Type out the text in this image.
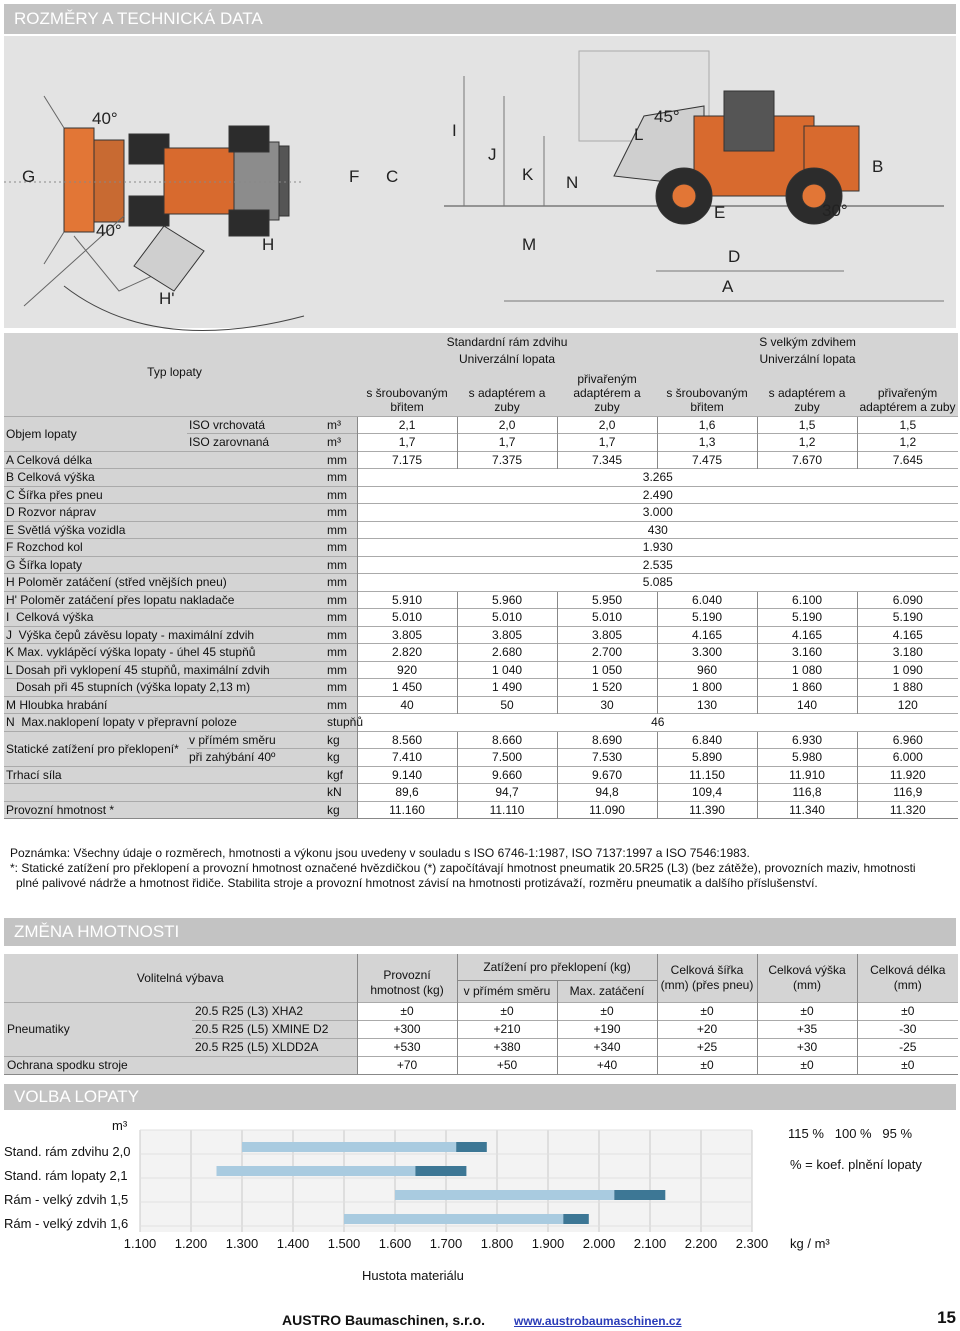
ROZMĚRY A TECHNICKÁ DATA
40°
40°
G	F C
H
H'
I
J
K
L
45°
M
N
E
D
A
B
30°
Typ lopaty			Standardní rám zdvihu			S velkým zdvihem		
			Univerzální lopata			Univerzální lopata		
			s šroubovaným břitem	s adaptérem a zuby	přivařeným adaptérem a zuby	s šroubovaným břitem	s adaptérem a zuby	přivařeným adaptérem a zuby
Objem lopaty	ISO vrchovatá	m³	2,1	2,0	2,0	1,6	1,5	1,5
	ISO zarovnaná	m³	1,7	1,7	1,7	1,3	1,2	1,2
A Celková délka		mm	7.175	7.375	7.345	7.475	7.670	7.645
B Celková výška		mm	3.265					
C Šířka přes pneu		mm	2.490					
D Rozvor náprav		mm	3.000					
E Světlá výška vozidla		mm	430					
F Rozchod kol		mm	1.930					
G Šířka lopaty		mm	2.535					
H Poloměr zatáčení (střed vnějších pneu)		mm	5.085					
H' Poloměr zatáčení přes lopatu nakladače		mm	5.910	5.960	5.950	6.040	6.100	6.090
I  Celková výška		mm	5.010	5.010	5.010	5.190	5.190	5.190
J  Výška čepů závěsu lopaty - maximální zdvih		mm	3.805	3.805	3.805	4.165	4.165	4.165
K Max. vyklápěcí výška lopaty - úhel 45 stupňů		mm	2.820	2.680	2.700	3.300	3.160	3.180
L Dosah při vyklopení 45 stupňů, maximální zdvih		mm	920	1 040	1 050	960	1 080	1 090
Dosah při 45 stupních (výška lopaty 2,13 m)		mm	1 450	1 490	1 520	1 800	1 860	1 880
M Hloubka hrabání		mm	40	50	30	130	140	120
N  Max.naklopení lopaty v přepravní poloze		stupňů	46					
Statické zatížení pro překlopení*	v přímém směru	kg	8.560	8.660	8.690	6.840	6.930	6.960
	při zahýbání 40º	kg	7.410	7.500	7.530	5.890	5.980	6.000
Trhací síla		kgf	9.140	9.660	9.670	11.150	11.910	11.920
		kN	89,6	94,7	94,8	109,4	116,8	116,9
Provozní hmotnost *		kg	11.160	11.110	11.090	11.390	11.340	11.320

Poznámka: Všechny údaje o rozměrech, hmotnosti a výkonu jsou uvedeny v souladu s ISO 6746-1:1987, ISO 7137:1997 a ISO 7546:1983.

*: Statické zatížení pro překlopení a provozní hmotnost označené hvězdičkou (*) započítávají hmotnost pneumatik 20.5R25 (L3) (bez zátěže), provozních maziv, hmotnosti

plné palivové nádrže a hmotnost řidiče. Stabilita stroje a provozní hmotnost závisí na hmotnosti protizávaží, rozměru pneumatik a dalšího příslušenství.

ZMĚNA HMOTNOSTI
Volitelná výbava		Provozní hmotnost (kg)	Zatížení pro překlopení (kg)		Celková šířka (mm) (přes pneu)	Celková výška (mm)	Celková délka (mm)
			v přímém směru	Max. zatáčení			
Pneumatiky	20.5 R25 (L3) XHA2	±0	±0	±0	±0	±0	±0
	20.5 R25 (L5) XMINE D2	+300	+210	+190	+20	+35	-30
	20.5 R25 (L5) XLDD2A	+530	+380	+340	+25	+30	-25
Ochrana spodku stroje		+70	+50	+40	±0	±0	±0
VOLBA LOPATY
1.100 1.200 1.300 1.400 1.500 1.600 1.700 1.800 1.900 2.000 2.100 2.200 2.300
m³
Stand. rám zdvihu 2,0
Stand. rám lopaty 2,1
Rám - velký zdvih 1,5
Rám - velký zdvih 1,6
kg / m³
Hustota materiálu
115 %   100 %   95 %
% = koef. plnění lopaty
AUSTRO Baumaschinen, s.r.o. www.austrobaumaschinen.cz	15
